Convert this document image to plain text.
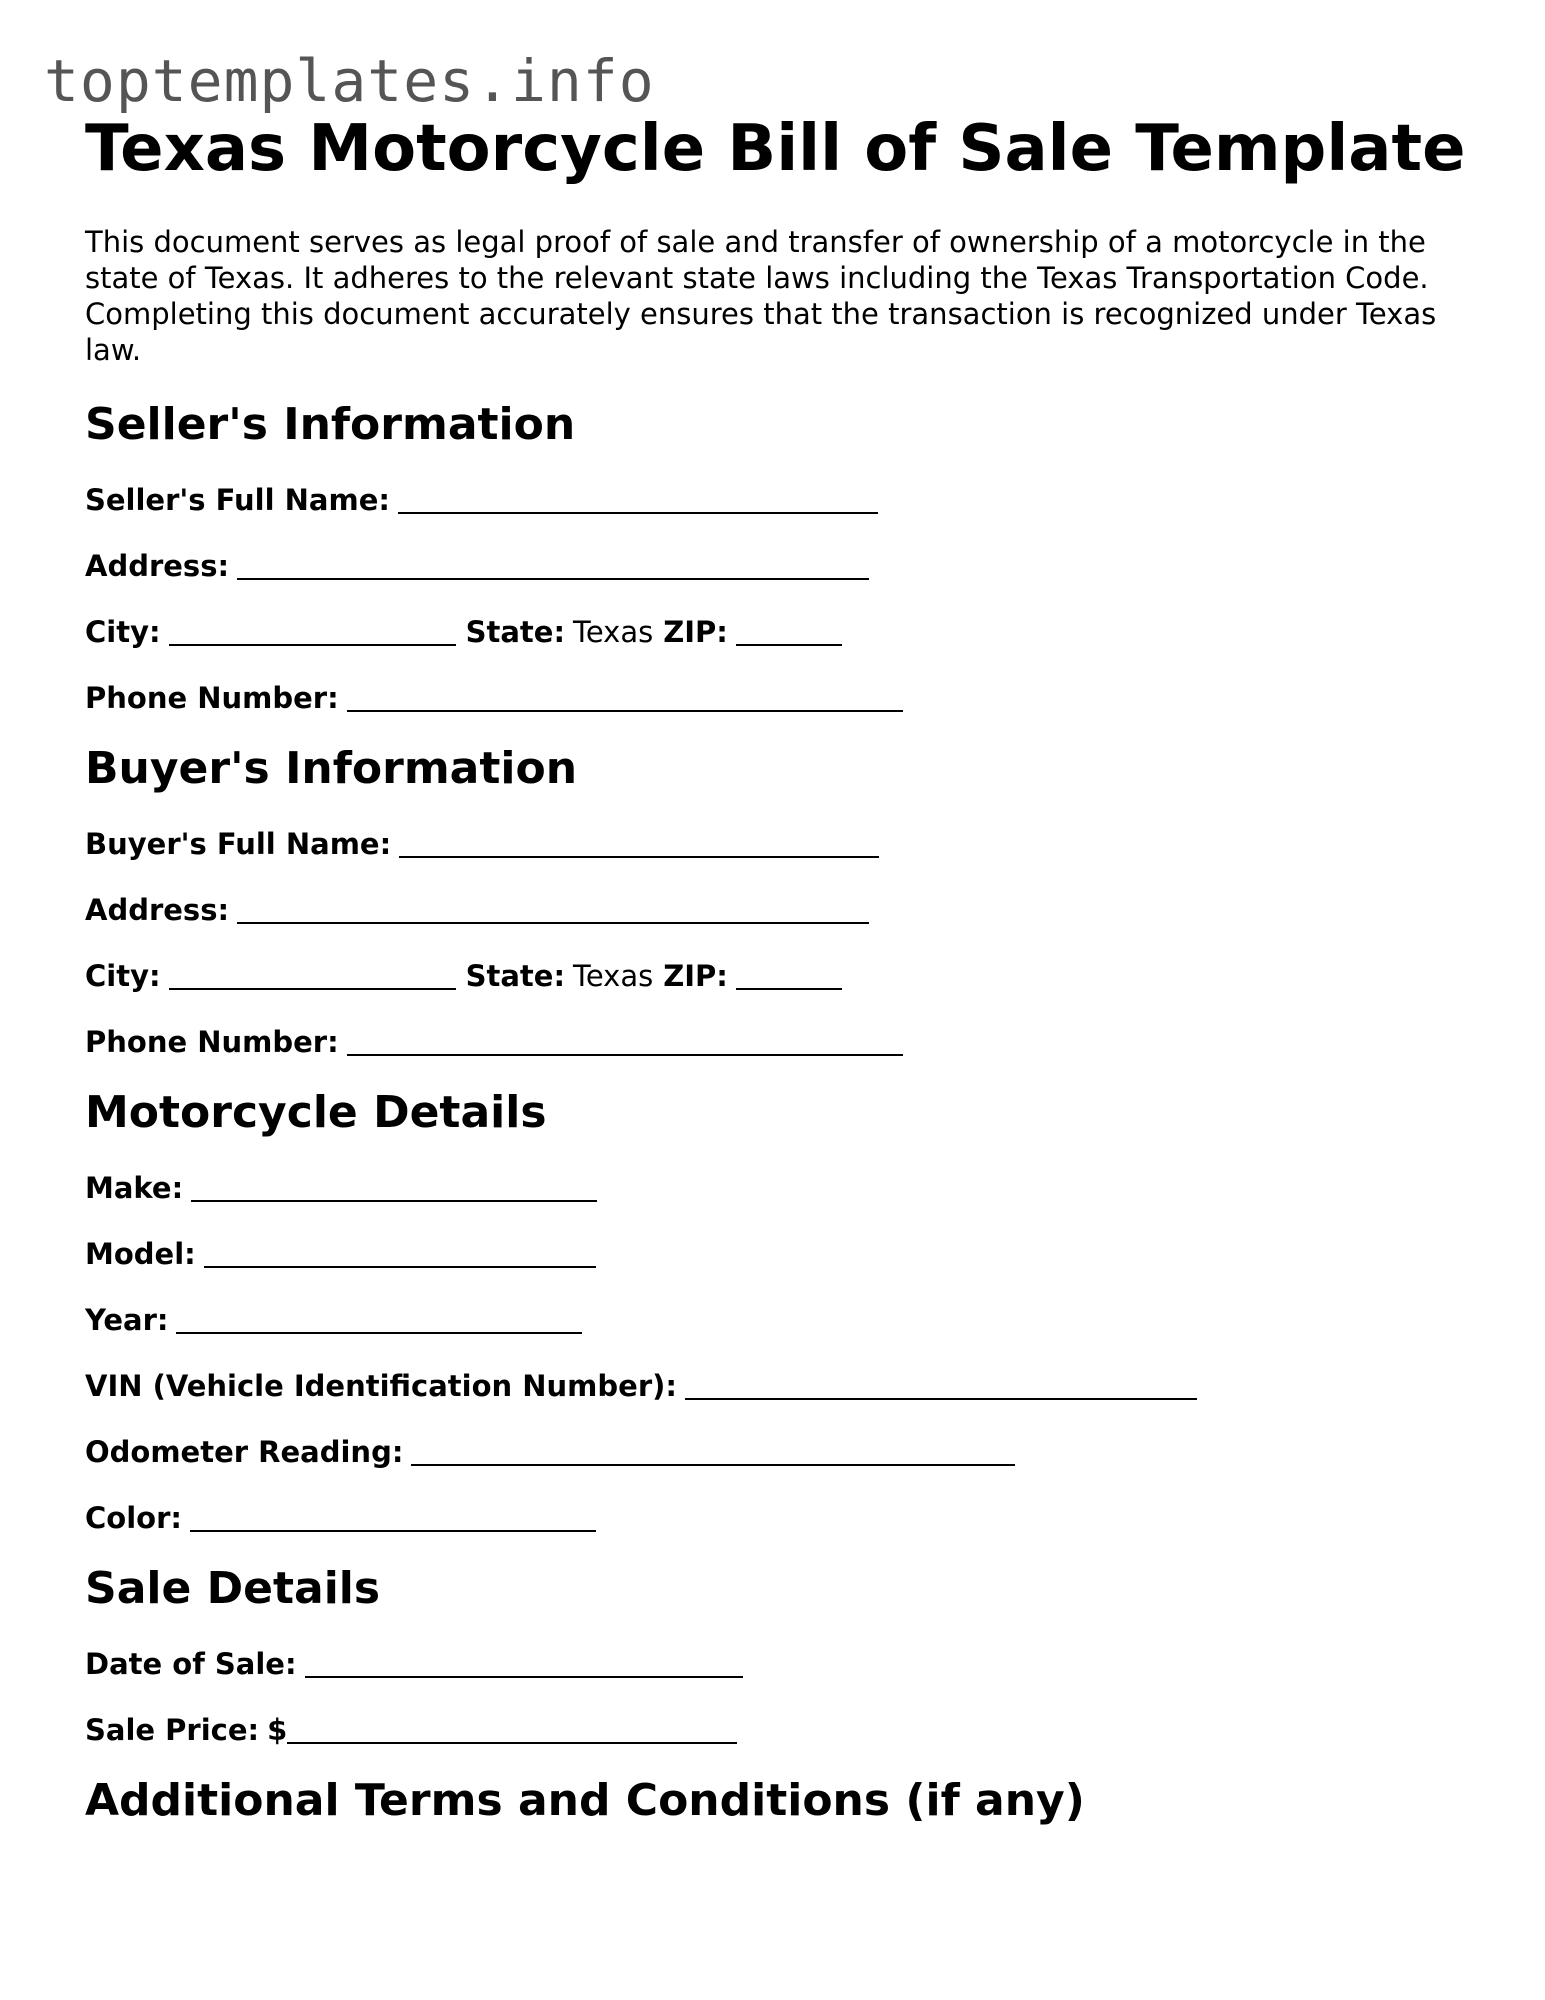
toptemplates.info
Texas Motorcycle Bill of Sale Template

This document serves as legal proof of sale and transfer of ownership of a motorcycle in the state of Texas. It adheres to the relevant state laws including the Texas Transportation Code. Completing this document accurately ensures that the transaction is recognized under Texas law.

Seller's Information
Seller's Full Name:
Address:
City:	State: Texas ZIP:
Phone Number:
Buyer's Information
Buyer's Full Name:
Address:
City:	State: Texas ZIP:
Phone Number:
Motorcycle Details
Make:
Model:
Year:
VIN (Vehicle Identification Number):
Odometer Reading:
Color:
Sale Details
Date of Sale:
Sale Price: $
Additional Terms and Conditions (if any)
